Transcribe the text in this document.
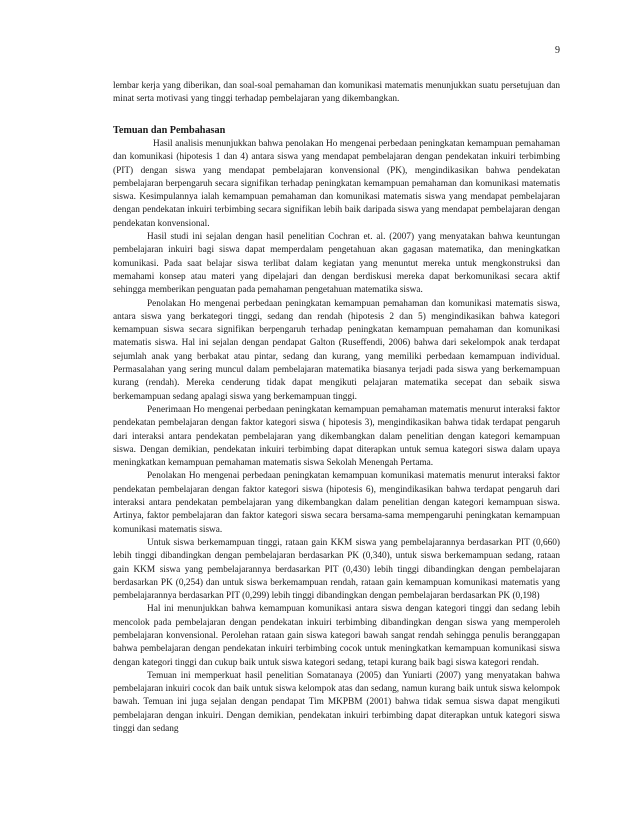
9

lembar kerja yang diberikan, dan soal-soal pemahaman dan komunikasi matematis menunjukkan suatu persetujuan dan minat serta motivasi yang tinggi terhadap pembelajaran yang dikembangkan.

Temuan dan Pembahasan

Hasil analisis menunjukkan bahwa penolakan Ho mengenai perbedaan peningkatan kemampuan pemahaman dan komunikasi (hipotesis 1 dan 4) antara siswa yang mendapat pembelajaran dengan pendekatan inkuiri terbimbing (PIT) dengan siswa yang mendapat pembelajaran konvensional (PK), mengindikasikan bahwa pendekatan pembelajaran berpengaruh secara signifikan terhadap peningkatan kemampuan pemahaman dan komunikasi matematis siswa. Kesimpulannya ialah kemampuan pemahaman dan komunikasi matematis siswa yang mendapat pembelajaran dengan pendekatan inkuiri terbimbing secara signifikan lebih baik daripada siswa yang mendapat pembelajaran dengan pendekatan konvensional.

Hasil studi ini sejalan dengan hasil penelitian Cochran et. al. (2007) yang menyatakan bahwa keuntungan pembelajaran inkuiri bagi siswa dapat memperdalam pengetahuan akan gagasan matematika, dan meningkatkan komunikasi. Pada saat belajar siswa terlibat dalam kegiatan yang menuntut mereka untuk mengkonstruksi dan memahami konsep atau materi yang dipelajari dan dengan berdiskusi mereka dapat berkomunikasi secara aktif sehingga memberikan penguatan pada pemahaman pengetahuan matematika siswa.

Penolakan Ho mengenai perbedaan peningkatan kemampuan pemahaman dan komunikasi matematis siswa, antara siswa yang berkategori tinggi, sedang dan rendah (hipotesis 2 dan 5) mengindikasikan bahwa kategori kemampuan siswa secara signifikan berpengaruh terhadap peningkatan kemampuan pemahaman dan komunikasi matematis siswa. Hal ini sejalan dengan pendapat Galton (Ruseffendi, 2006) bahwa dari sekelompok anak terdapat sejumlah anak yang berbakat atau pintar, sedang dan kurang, yang memiliki perbedaan kemampuan individual. Permasalahan yang sering muncul dalam pembelajaran matematika biasanya terjadi pada siswa yang berkemampuan kurang (rendah). Mereka cenderung tidak dapat mengikuti pelajaran matematika secepat dan sebaik siswa berkemampuan sedang apalagi siswa yang berkemampuan tinggi.

Penerimaan Ho mengenai perbedaan peningkatan kemampuan pemahaman matematis menurut interaksi faktor pendekatan pembelajaran dengan faktor kategori siswa ( hipotesis 3), mengindikasikan bahwa tidak terdapat pengaruh dari interaksi antara pendekatan pembelajaran yang dikembangkan dalam penelitian dengan kategori kemampuan siswa. Dengan demikian, pendekatan inkuiri terbimbing dapat diterapkan untuk semua kategori siswa dalam upaya meningkatkan kemampuan pemahaman matematis siswa Sekolah Menengah Pertama.

Penolakan Ho mengenai perbedaan peningkatan kemampuan komunikasi matematis menurut interaksi faktor pendekatan pembelajaran dengan faktor kategori siswa (hipotesis 6), mengindikasikan bahwa terdapat pengaruh dari interaksi antara pendekatan pembelajaran yang dikembangkan dalam penelitian dengan kategori kemampuan siswa. Artinya, faktor pembelajaran dan faktor kategori siswa secara bersama-sama mempengaruhi peningkatan kemampuan komunikasi matematis siswa.

Untuk siswa berkemampuan tinggi, rataan gain KKM siswa yang pembelajarannya berdasarkan PIT (0,660) lebih tinggi dibandingkan dengan pembelajaran berdasarkan PK (0,340), untuk siswa berkemampuan sedang, rataan gain KKM siswa yang pembelajarannya berdasarkan PIT (0,430) lebih tinggi dibandingkan dengan pembelajaran berdasarkan PK (0,254) dan untuk siswa berkemampuan rendah, rataan gain kemampuan komunikasi matematis yang pembelajarannya berdasarkan PIT (0,299) lebih tinggi dibandingkan dengan pembelajaran berdasarkan PK (0,198)

Hal ini menunjukkan bahwa kemampuan komunikasi antara siswa dengan kategori tinggi dan sedang lebih mencolok pada pembelajaran dengan pendekatan inkuiri terbimbing dibandingkan dengan siswa yang memperoleh pembelajaran konvensional. Perolehan rataan gain siswa kategori bawah sangat rendah sehingga penulis beranggapan bahwa pembelajaran dengan pendekatan inkuiri terbimbing cocok untuk meningkatkan kemampuan komunikasi siswa dengan kategori tinggi dan cukup baik untuk siswa kategori sedang, tetapi kurang baik bagi siswa kategori rendah.

Temuan ini memperkuat hasil penelitian Somatanaya (2005) dan Yuniarti (2007) yang menyatakan bahwa pembelajaran inkuiri cocok dan baik untuk siswa kelompok atas dan sedang, namun kurang baik untuk siswa kelompok bawah. Temuan ini juga sejalan dengan pendapat Tim MKPBM (2001) bahwa tidak semua siswa dapat mengikuti pembelajaran dengan inkuiri. Dengan demikian, pendekatan inkuiri terbimbing dapat diterapkan untuk kategori siswa tinggi dan sedang
